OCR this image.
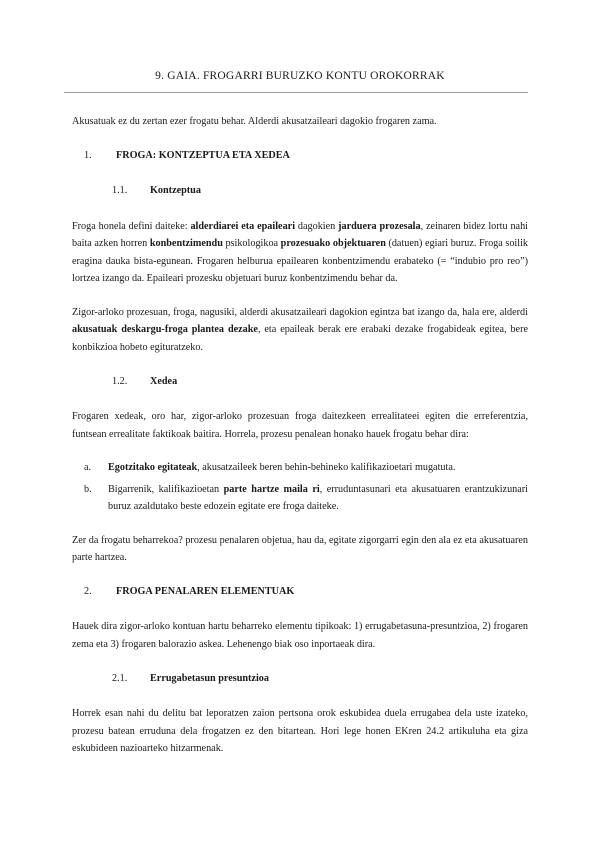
9. GAIA. FROGARRI BURUZKO KONTU OROKORRAK

Akusatuak ez du zertan ezer frogatu behar. Alderdi akusatzaileari dagokio frogaren zama.

1.	FROGA: KONTZEPTUA ETA XEDEA
1.1.	Kontzeptua

Froga honela defini daiteke: alderdiarei eta epaileari dagokien jarduera prozesala, zeinaren bidez lortu nahi baita azken horren konbentzimendu psikologikoa prozesuako objektuaren (datuen) egiari buruz. Froga soilik eragina dauka bista-egunean. Frogaren helburua epailearen konbentzimendu erabateko (= “indubio pro reo”) lortzea izango da. Epaileari prozesku objetuari buruz konbentzimendu behar da.

Zigor-arloko prozesuan, froga, nagusiki, alderdi akusatzaileari dagokion egintza bat izango da, hala ere, alderdi akusatuak deskargu-froga plantea dezake, eta epaileak berak ere erabaki dezake frogabideak egitea, bere konbikzioa hobeto egituratzeko.

1.2.	Xedea

Frogaren xedeak, oro har, zigor-arloko prozesuan froga daitezkeen errealitateei egiten die erreferentzia, funtsean errealitate faktikoak baitira. Horrela, prozesu penalean honako hauek frogatu behar dira:

a.	Egotzitako egitateak, akusatzaileek beren behin-behineko kalifikazioetari mugatuta.
b.	Bigarrenik, kalifikazioetan parte hartze maila ri, erruduntasunari eta akusatuaren erantzukizunari buruz azaldutako beste edozein egitate ere froga daiteke.

Zer da frogatu beharrekoa? prozesu penalaren objetua, hau da, egitate zigorgarri egin den ala ez eta akusatuaren parte hartzea.

2.	FROGA PENALAREN ELEMENTUAK

Hauek dira zigor-arloko kontuan hartu beharreko elementu tipikoak: 1) errugabetasuna-presuntzioa, 2) frogaren zema eta 3) frogaren balorazio askea. Lehenengo biak oso inportaeak dira.

2.1.	Errugabetasun presuntzioa

Horrek esan nahi du delitu bat leporatzen zaion pertsona orok eskubidea duela errugabea dela uste izateko, prozesu batean erruduna dela frogatzen ez den bitartean. Hori lege honen EKren 24.2 artikuluha eta giza eskubideen nazioarteko hitzarmenak.
